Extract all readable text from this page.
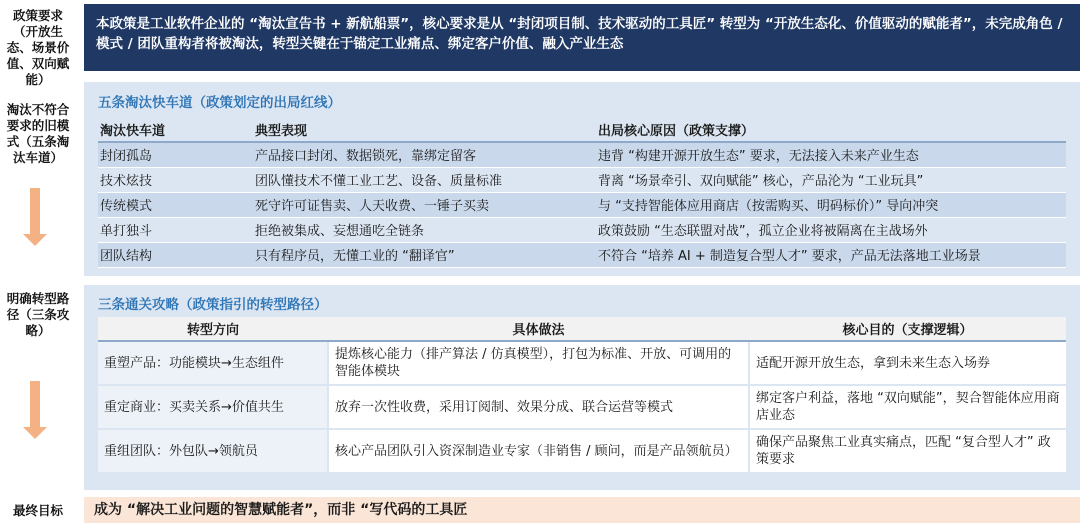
政策要求 （开放生态、场景价值、双向赋能）
淘汰不符合要求的旧模式（五条淘汰车道）
明确转型路径（三条攻略）
最终目标
本政策是工业软件企业的 “淘汰宣告书 + 新航船票”，核心要求是从 “封闭项目制、技术驱动的工具匠” 转型为 “开放生态化、价值驱动的赋能者”，未完成角色 / 模式 / 团队重构者将被淘汰，转型关键在于锚定工业痛点、绑定客户价值、融入产业生态
五条淘汰快车道（政策划定的出局红线）
淘汰快车道	典型表现	出局核心原因（政策支撑）
封闭孤岛	产品接口封闭、数据锁死，靠绑定留客	违背 “构建开源开放生态” 要求，无法接入未来产业生态
技术炫技	团队懂技术不懂工业工艺、设备、质量标准	背离 “场景牵引、双向赋能” 核心，产品沦为 “工业玩具”
传统模式	死守许可证售卖、人天收费、一锤子买卖	与 “支持智能体应用商店（按需购买、明码标价）” 导向冲突
单打独斗	拒绝被集成、妄想通吃全链条	政策鼓励 “生态联盟对战”，孤立企业将被隔离在主战场外
团队结构	只有程序员，无懂工业的 “翻译官”	不符合 “培养 AI + 制造复合型人才” 要求，产品无法落地工业场景
三条通关攻略（政策指引的转型路径）
转型方向	具体做法	核心目的（支撑逻辑）
重塑产品：功能模块→生态组件	提炼核心能力（排产算法 / 仿真模型），打包为标准、开放、可调用的智能体模块	适配开源开放生态，拿到未来生态入场券
重定商业：买卖关系→价值共生	放弃一次性收费，采用订阅制、效果分成、联合运营等模式	绑定客户利益，落地 “双向赋能”，契合智能体应用商店业态
重组团队：外包队→领航员	核心产品团队引入资深制造业专家（非销售 / 顾问，而是产品领航员）	确保产品聚焦工业真实痛点，匹配 “复合型人才” 政策要求
成为 “解决工业问题的智慧赋能者”，而非 “写代码的工具匠
